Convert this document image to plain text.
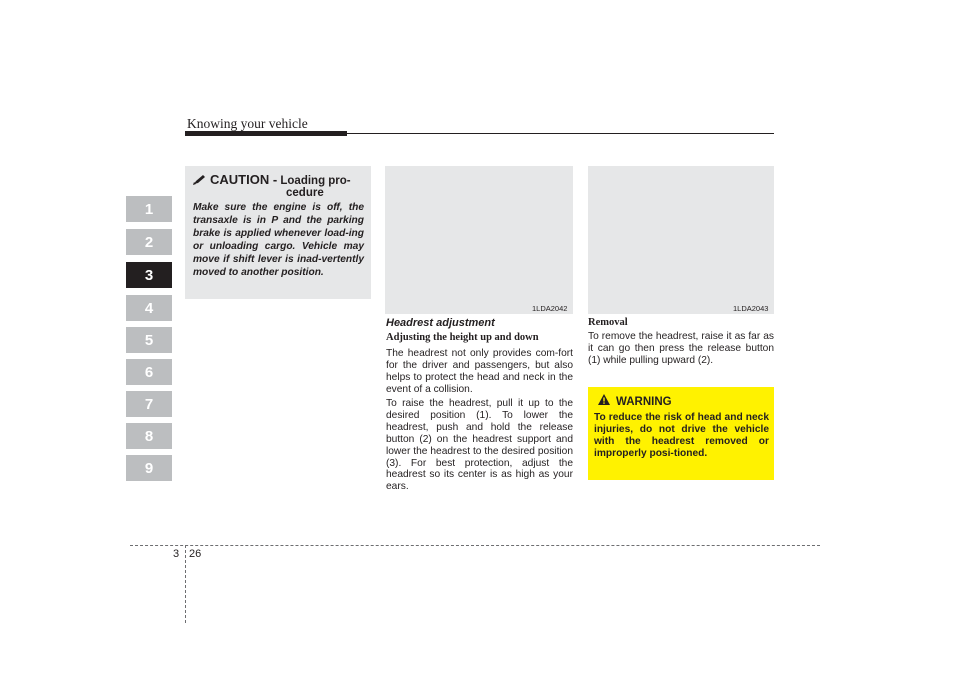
Knowing your vehicle
1
2
3
4
5
6
7
8
9
CAUTION - Loading pro-
cedure
Make sure the engine is off, the transaxle is in P and the parking brake is applied whenever load-ing or unloading cargo. Vehicle may move if shift lever is inad-vertently moved to another position.
1LDA2042	1LDA2043
Headrest adjustment
Adjusting the height up and down
The headrest not only provides com-fort for the driver and passengers, but also helps to protect the head and neck in the event of a collision.
To raise the headrest, pull it up to the desired position (1). To lower the headrest, push and hold the release button (2) on the headrest support and lower the headrest to the desired position (3). For best protection, adjust the headrest so its center is as high as your ears.
Removal
To remove the headrest, raise it as far as it can go then press the release button (1) while pulling upward (2).
WARNING
To reduce the risk of head and neck injuries, do not drive the vehicle with the headrest removed or improperly posi-tioned.
3 26
